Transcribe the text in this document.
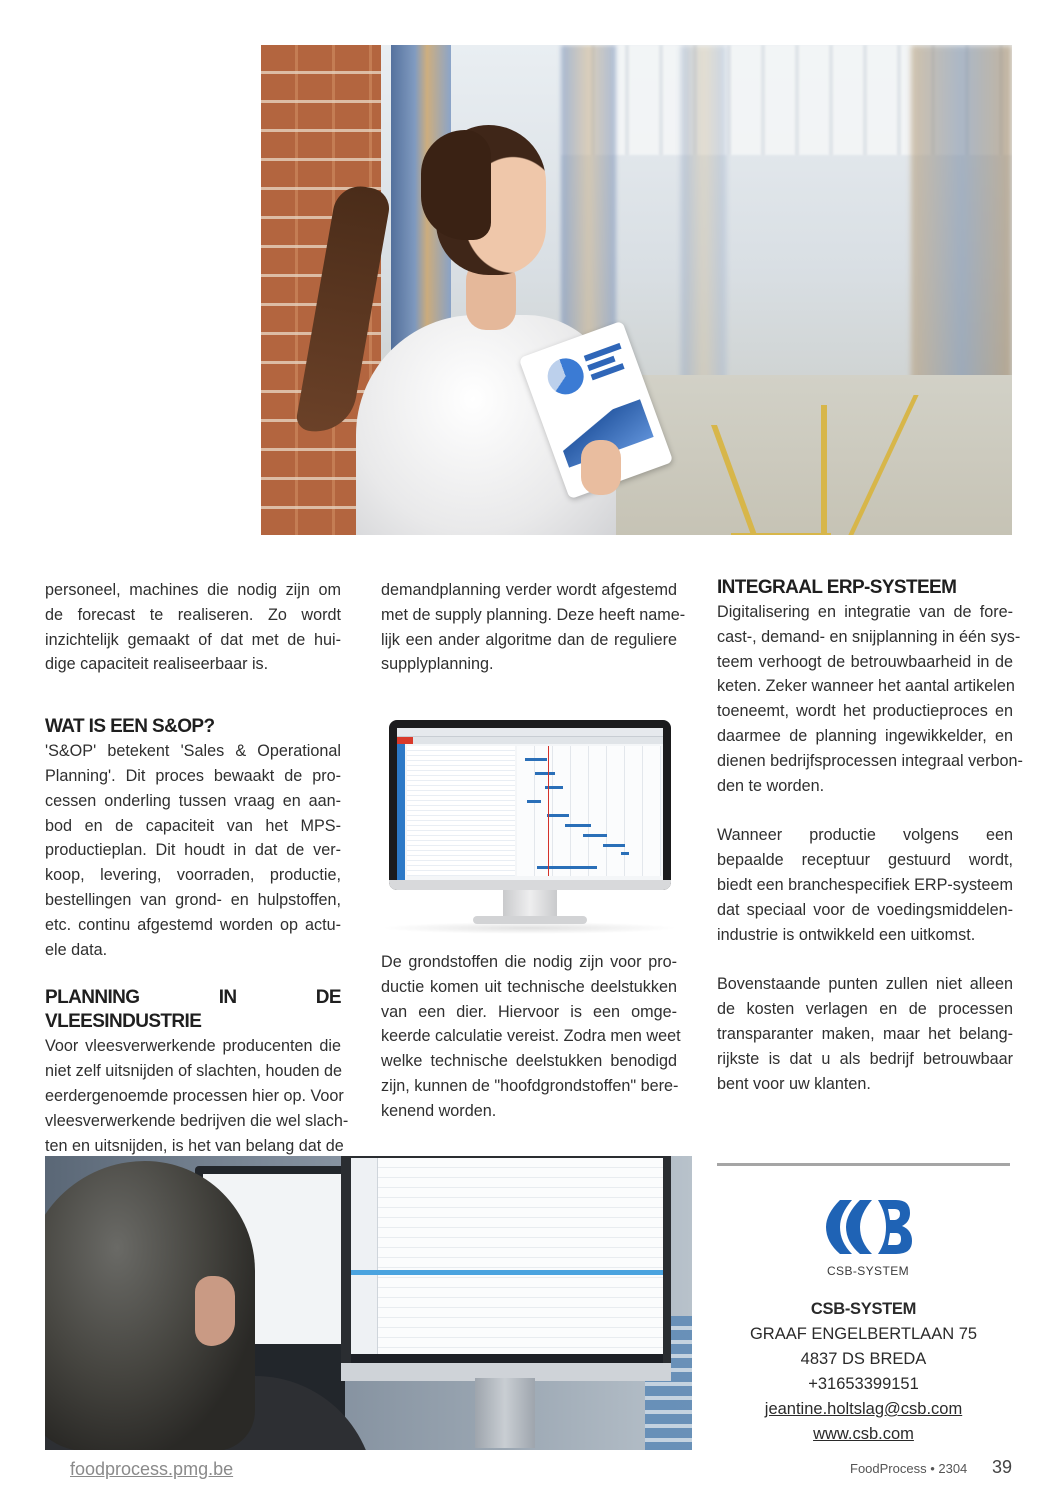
personeel, machines die nodig zijn om
de forecast te realiseren. Zo wordt
inzichtelijk gemaakt of dat met de hui-
dige capaciteit realiseerbaar is.

WAT IS EEN S&OP?

'S&OP' betekent 'Sales & Operational
Planning'. Dit proces bewaakt de pro-
cessen onderling tussen vraag en aan-
bod en de capaciteit van het MPS-
productieplan. Dit houdt in dat de ver-
koop, levering, voorraden, productie,
bestellingen van grond- en hulpstoffen,
etc. continu afgestemd worden op actu-
ele data.

PLANNING IN DE VLEESINDUSTRIE

Voor vleesverwerkende producenten die
niet zelf uitsnijden of slachten, houden de
eerdergenoemde processen hier op. Voor
vleesverwerkende bedrijven die wel slach-
ten en uitsnijden, is het van belang dat de

demandplanning verder wordt afgestemd
met de supply planning. Deze heeft name-
lijk een ander algoritme dan de reguliere
supplyplanning.

De grondstoffen die nodig zijn voor pro-
ductie komen uit technische deelstukken
van een dier. Hiervoor is een omge-
keerde calculatie vereist. Zodra men weet
welke technische deelstukken benodigd
zijn, kunnen de "hoofdgrondstoffen" bere-
kenend worden.

INTEGRAAL ERP-SYSTEEM

Digitalisering en integratie van de fore-
cast-, demand- en snijplanning in één sys-
teem verhoogt de betrouwbaarheid in de
keten. Zeker wanneer het aantal artikelen
toeneemt, wordt het productieproces en
daarmee de planning ingewikkelder, en
dienen bedrijfsprocessen integraal verbon-
den te worden.

Wanneer productie volgens een
bepaalde receptuur gestuurd wordt,
biedt een branchespecifiek ERP-systeem
dat speciaal voor de voedingsmiddelen-
industrie is ontwikkeld een uitkomst.

Bovenstaande punten zullen niet alleen
de kosten verlagen en de processen
transparanter maken, maar het belang-
rijkste is dat u als bedrijf betrouwbaar
bent voor uw klanten.

CSB-SYSTEM
CSB-SYSTEM
GRAAF ENGELBERTLAAN 75
4837 DS BREDA
+31653399151
jeantine.holtslag@csb.com
www.csb.com
foodprocess.pmg.be	FoodProcess • 2304 39
